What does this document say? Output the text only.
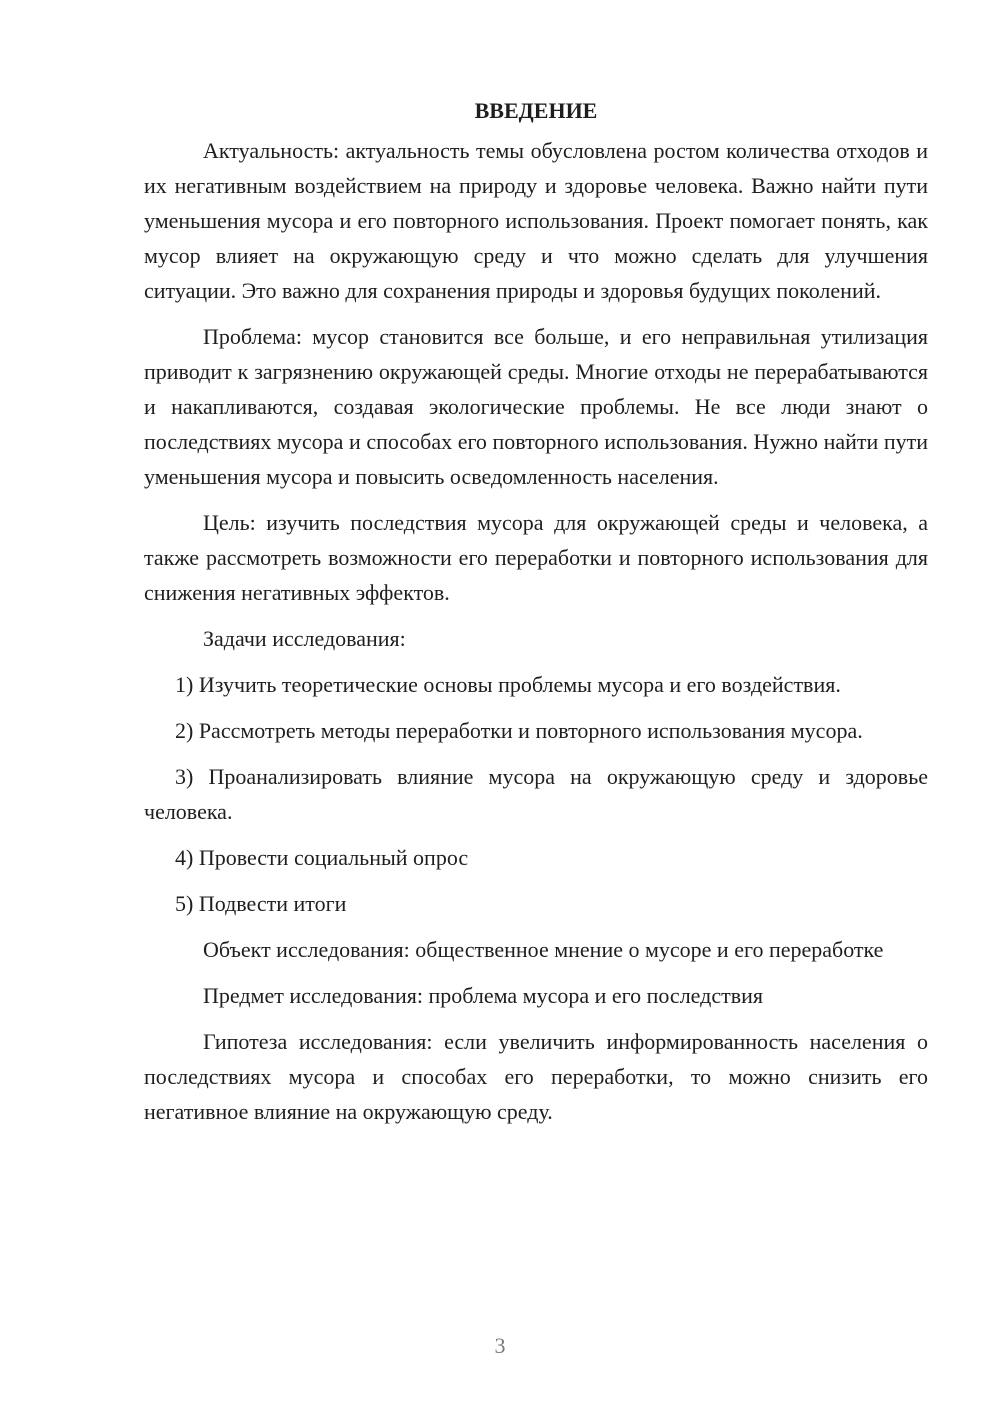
ВВЕДЕНИЕ
Актуальность: актуальность темы обусловлена ростом количества отходов и их негативным воздействием на природу и здоровье человека. Важно найти пути уменьшения мусора и его повторного использования. Проект помогает понять, как мусор влияет на окружающую среду и что можно сделать для улучшения ситуации. Это важно для сохранения природы и здоровья будущих поколений.
Проблема: мусор становится все больше, и его неправильная утилизация приводит к загрязнению окружающей среды. Многие отходы не перерабатываются и накапливаются, создавая экологические проблемы. Не все люди знают о последствиях мусора и способах его повторного использования. Нужно найти пути уменьшения мусора и повысить осведомленность населения.
Цель: изучить последствия мусора для окружающей среды и человека, а также рассмотреть возможности его переработки и повторного использования для снижения негативных эффектов.
Задачи исследования:
1) Изучить теоретические основы проблемы мусора и его воздействия.
2) Рассмотреть методы переработки и повторного использования мусора.
3) Проанализировать влияние мусора на окружающую среду и здоровье человека.
4) Провести социальный опрос
5) Подвести итоги
Объект исследования: общественное мнение о мусоре и его переработке
Предмет исследования: проблема мусора и его последствия
Гипотеза исследования: если увеличить информированность населения о последствиях мусора и способах его переработки, то можно снизить его негативное влияние на окружающую среду.
3
